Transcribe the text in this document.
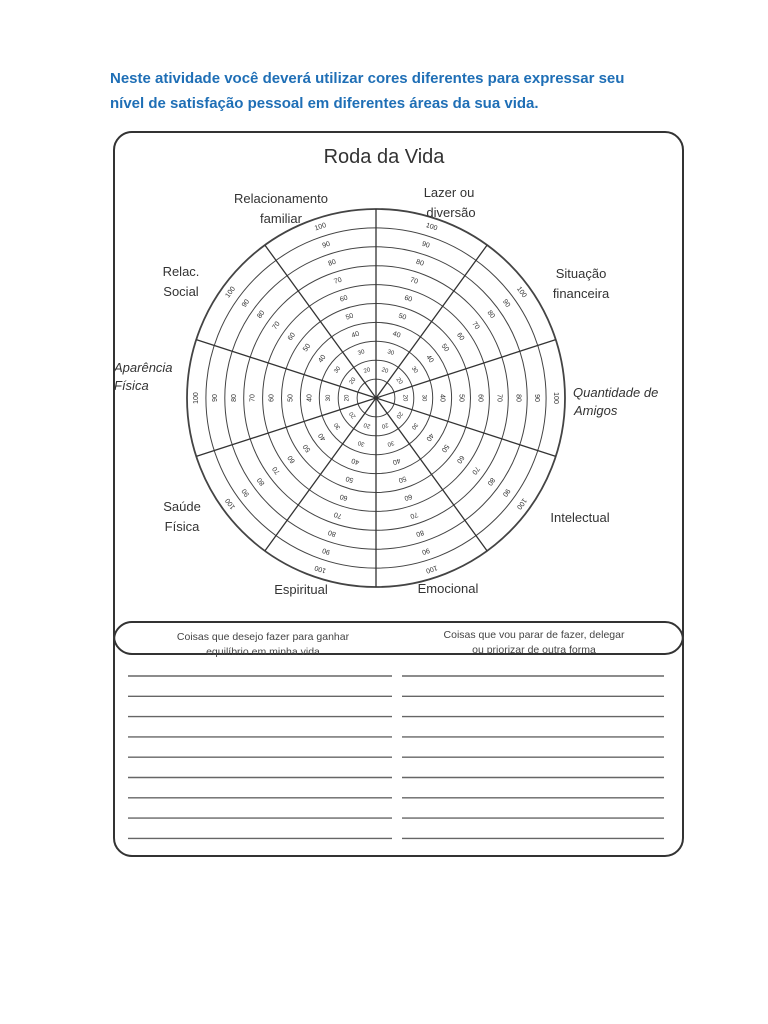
Neste atividade você deverá utilizar cores diferentes para expressar seu

nível de satisfação pessoal em diferentes áreas da sua vida.

Roda da Vida
20
30
40
50
60
70
80
90
100
20
30
40
50
60
70
80
90
100
20 30 40 50 60 70 80 90 100
20
30
40
50
60
70
80
90
100
20
30
40
50
60
70
80
90
100
20
30
40
50
60
70
80
90
100
20
30
40
50
60
70
80
90
100
20
30
40
50
60
70
80
90
100
20
30
40
50
60
70
80
90
100
20
30
40
50
60
70
80
90
100
Lazer ou
diversão
Situação
financeira
Quantidade de
Amigos
Intelectual
Emocional
Espiritual
Saúde
Física
Aparência
Física
Relac.
Social
Relacionamento
familiar
Coisas que desejo fazer para ganhar
equilíbrio em minha vida
Coisas que vou parar de fazer, delegar
ou priorizar de outra forma
